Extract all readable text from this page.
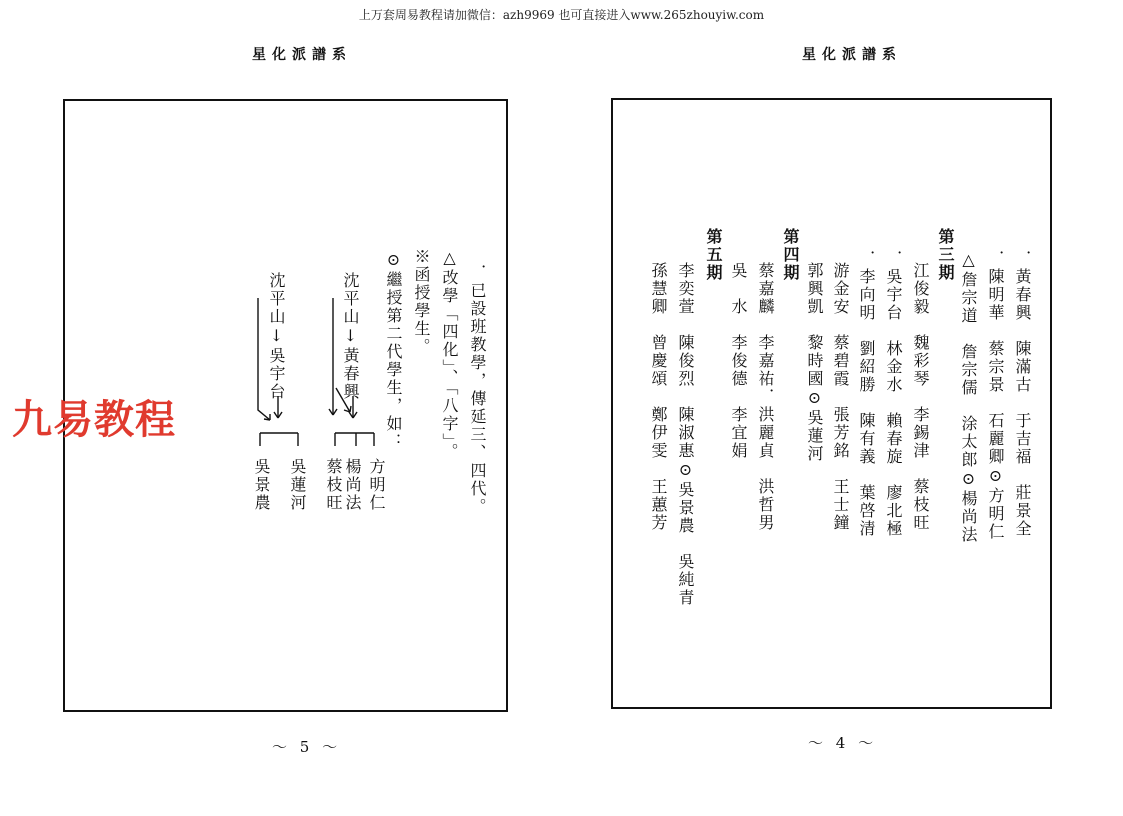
上万套周易教程请加微信：azh9969 也可直接进入www.265zhouyiw.com
星化派譜系	星化派譜系
．已設班教學，傳延三、四代。
△改學「四化」、「八字」。
※函授學生。
⊙繼授第二代學生，如：
沈平山↓黃春興
方明仁
楊尚法
蔡枝旺
沈平山↓吳宇台
吳蓮河
吳景農
九易教程
～ 5 ～
．黃春興　陳滿古　于吉福　莊景全
．陳明華　蔡宗景　石麗卿⊙方明仁
△詹宗道　詹宗儒　涂太郎⊙楊尚法
第三期
江俊毅　魏彩琴　李錫津　蔡枝旺
．吳宇台　林金水　賴春旋　廖北極
．李向明　劉紹勝　陳有義　葉啓清
游金安　蔡碧霞　張芳銘　王士鐘
郭興凱　黎時國⊙吳蓮河
第四期
蔡嘉麟　李嘉祐．洪麗貞　洪哲男
吳　水　李俊德　李宜娟
第五期
李奕萱　陳俊烈　陳淑惠⊙吳景農　吳純青
孫慧卿　曾慶頌　鄭伊雯　王蕙芳
～ 4 ～
